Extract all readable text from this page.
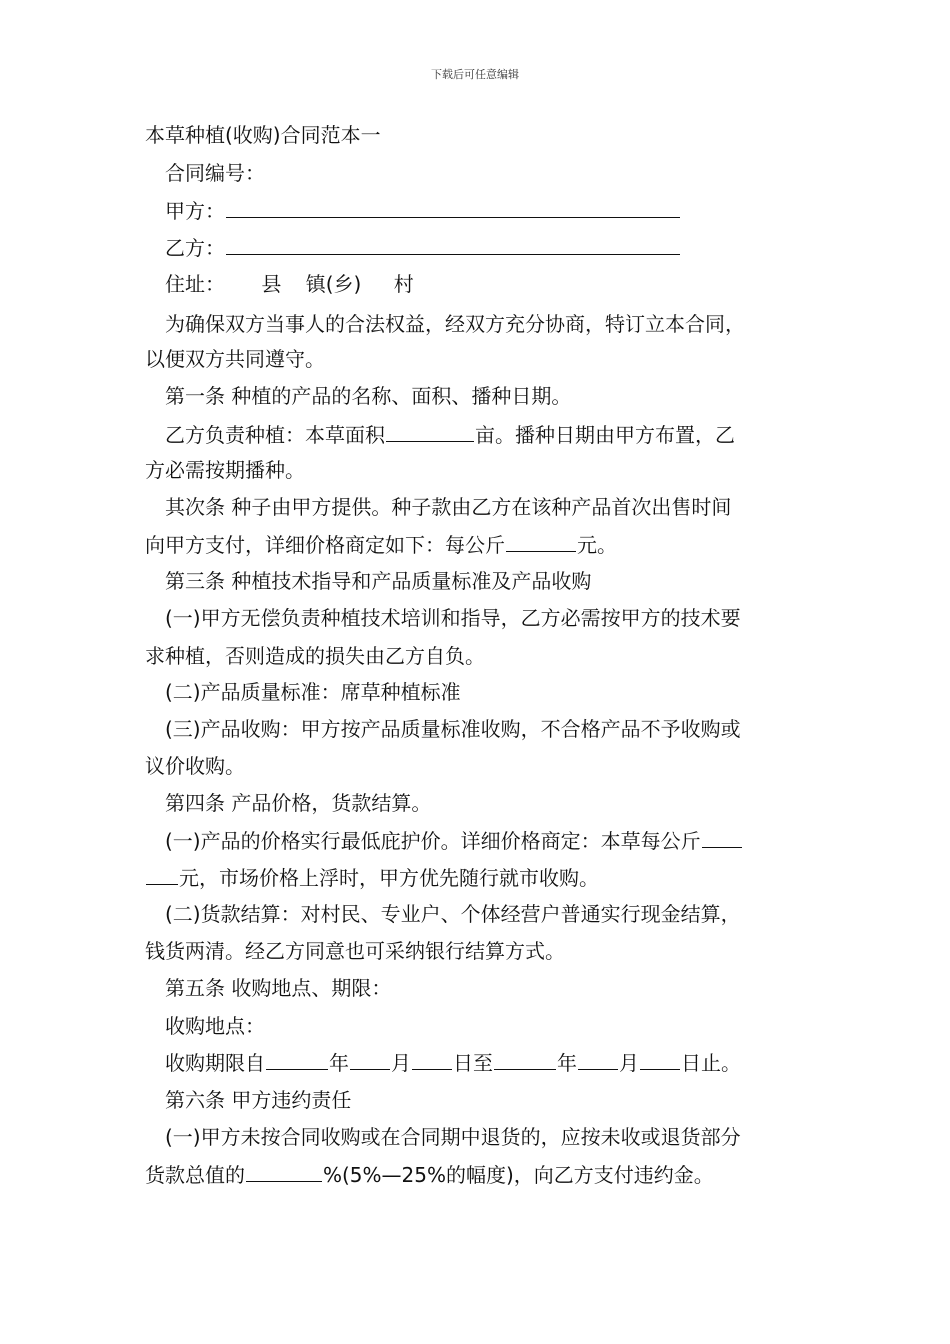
下载后可任意编辑
本草种植(收购)合同范本一
合同编号：
甲方：
乙方：
住址： 县 镇(乡) 村
为确保双方当事人的合法权益，经双方充分协商，特订立本合同，
以便双方共同遵守。
第一条 种植的产品的名称、面积、播种日期。
乙方负责种植：本草面积	亩。播种日期由甲方布置，乙
方必需按期播种。
其次条 种子由甲方提供。种子款由乙方在该种产品首次出售时间
向甲方支付，详细价格商定如下：每公斤	元。
第三条 种植技术指导和产品质量标准及产品收购
(一)甲方无偿负责种植技术培训和指导，乙方必需按甲方的技术要
求种植，否则造成的损失由乙方自负。
(二)产品质量标准：席草种植标准
(三)产品收购：甲方按产品质量标准收购，不合格产品不予收购或
议价收购。
第四条 产品价格，货款结算。
(一)产品的价格实行最低庇护价。详细价格商定：本草每公斤
元，市场价格上浮时，甲方优先随行就市收购。
(二)货款结算：对村民、专业户、个体经营户普通实行现金结算，
钱货两清。经乙方同意也可采纳银行结算方式。
第五条 收购地点、期限：
收购地点：
收购期限自	年 月 日至	年 月 日止。
第六条 甲方违约责任
(一)甲方未按合同收购或在合同期中退货的，应按未收或退货部分
货款总值的	%(5%—25%的幅度)，向乙方支付违约金。
